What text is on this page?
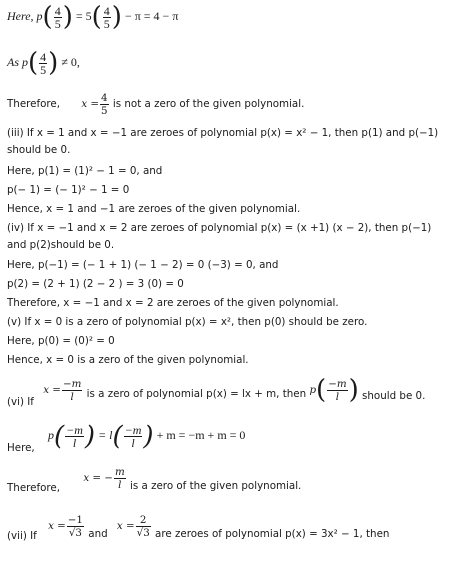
Here, $p( \frac{4}{5}$ ) = $5( \frac{4}{5}$ ) − π = 4 − π
As $p( \frac{4}{5}$ ) ≠ 0,
Therefore, $x = \frac{4}{5}$ is not a zero of the given polynomial.
(iii) If x = 1 and x = −1 are zeroes of polynomial p(x) = x² − 1, then p(1) and p(−1)
should be 0.
Here, p(1) = (1)² − 1 = 0, and
p(− 1) = (− 1)² − 1 = 0
Hence, x = 1 and −1 are zeroes of the given polynomial.
(iv) If x = −1 and x = 2 are zeroes of polynomial p(x) = (x +1) (x − 2), then p(−1)
and p(2)should be 0.
Here, p(−1) = (− 1 + 1) (− 1 − 2) = 0 (−3) = 0, and
p(2) = (2 + 1) (2 − 2 ) = 3 (0) = 0
Therefore, x = −1 and x = 2 are zeroes of the given polynomial.
(v) If x = 0 is a zero of polynomial p(x) = x², then p(0) should be zero.
Here, p(0) = (0)² = 0
Hence, x = 0 is a zero of the given polynomial.
(vi) If $x = \frac{-m}{l}$ is a zero of polynomial p(x) = lx + m, then $p( \frac{-m}{l}$ ) should be 0.
Here, $p( \frac{-m}{l}$ ) = $l( \frac{-m}{l}$ ) + m = −m + m = 0
Therefore, x = − $\frac{m}{l}$ is a zero of the given polynomial.
(vii) If $x = \frac{-1}{√3}$ and $x = \frac{2}{√3}$ are zeroes of polynomial p(x) = 3x² − 1, then
